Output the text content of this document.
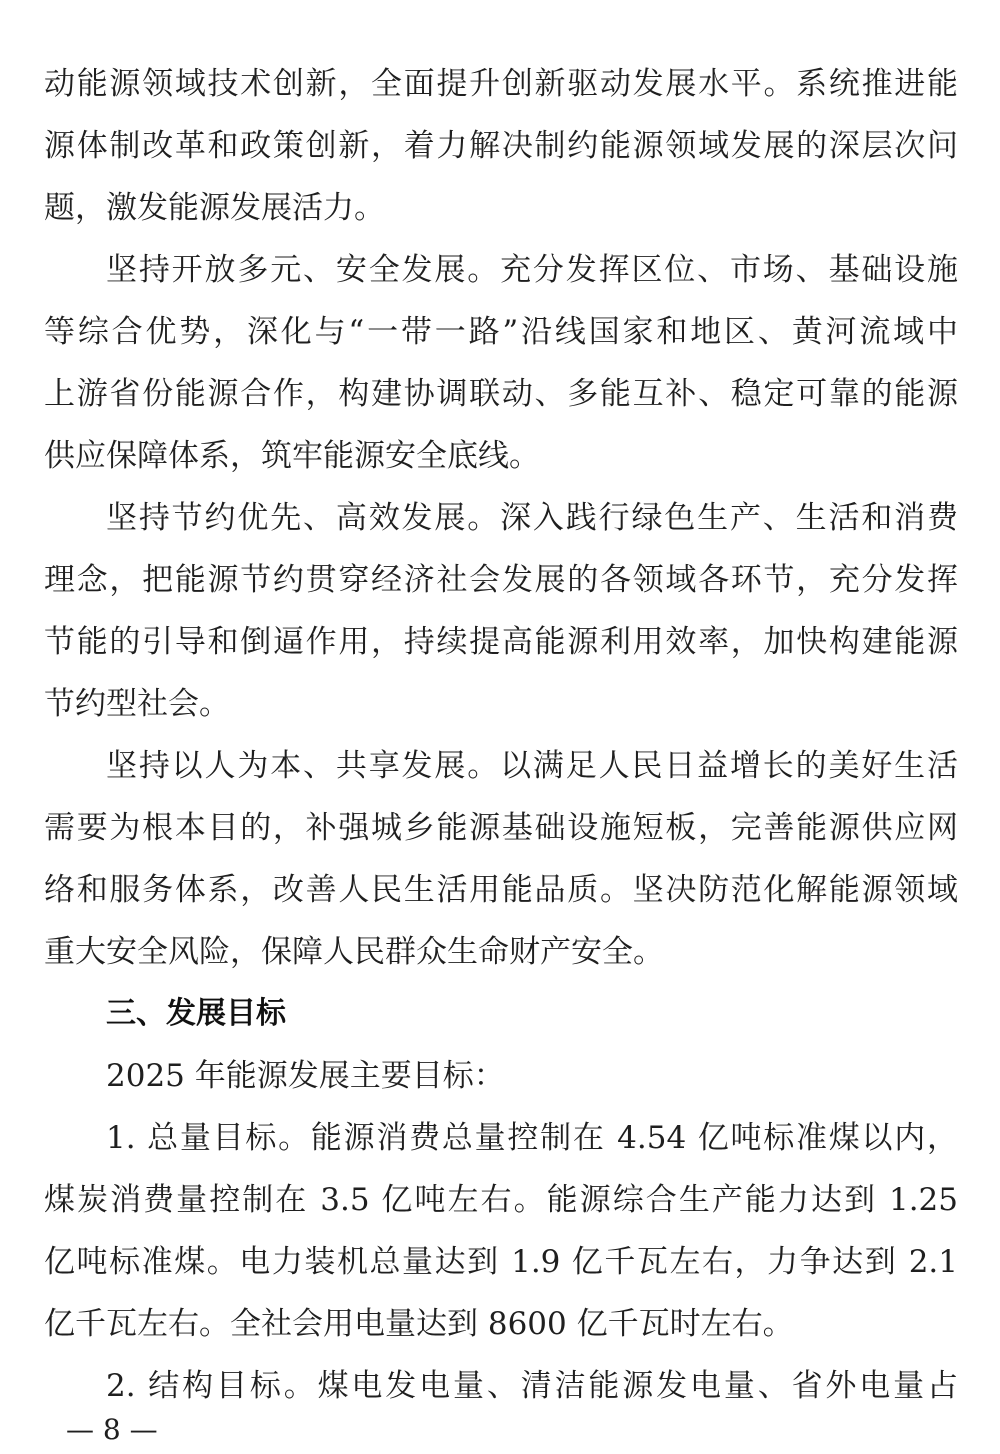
动能源领域技术创新，全面提升创新驱动发展水平。系统推进能
源体制改革和政策创新，着力解决制约能源领域发展的深层次问
题，激发能源发展活力。
坚持开放多元、安全发展。充分发挥区位、市场、基础设施
等综合优势，深化与“一带一路”沿线国家和地区、黄河流域中
上游省份能源合作，构建协调联动、多能互补、稳定可靠的能源
供应保障体系，筑牢能源安全底线。
坚持节约优先、高效发展。深入践行绿色生产、生活和消费
理念，把能源节约贯穿经济社会发展的各领域各环节，充分发挥
节能的引导和倒逼作用，持续提高能源利用效率，加快构建能源
节约型社会。
坚持以人为本、共享发展。以满足人民日益增长的美好生活
需要为根本目的，补强城乡能源基础设施短板，完善能源供应网
络和服务体系，改善人民生活用能品质。坚决防范化解能源领域
重大安全风险，保障人民群众生命财产安全。
三、发展目标
2025 年能源发展主要目标：
1. 总量目标。能源消费总量控制在 4.54 亿吨标准煤以内，
煤炭消费量控制在 3.5 亿吨左右。能源综合生产能力达到 1.25
亿吨标准煤。电力装机总量达到 1.9 亿千瓦左右，力争达到 2.1
亿千瓦左右。全社会用电量达到 8600 亿千瓦时左右。
2. 结构目标。煤电发电量、清洁能源发电量、省外电量占
— 8 —
